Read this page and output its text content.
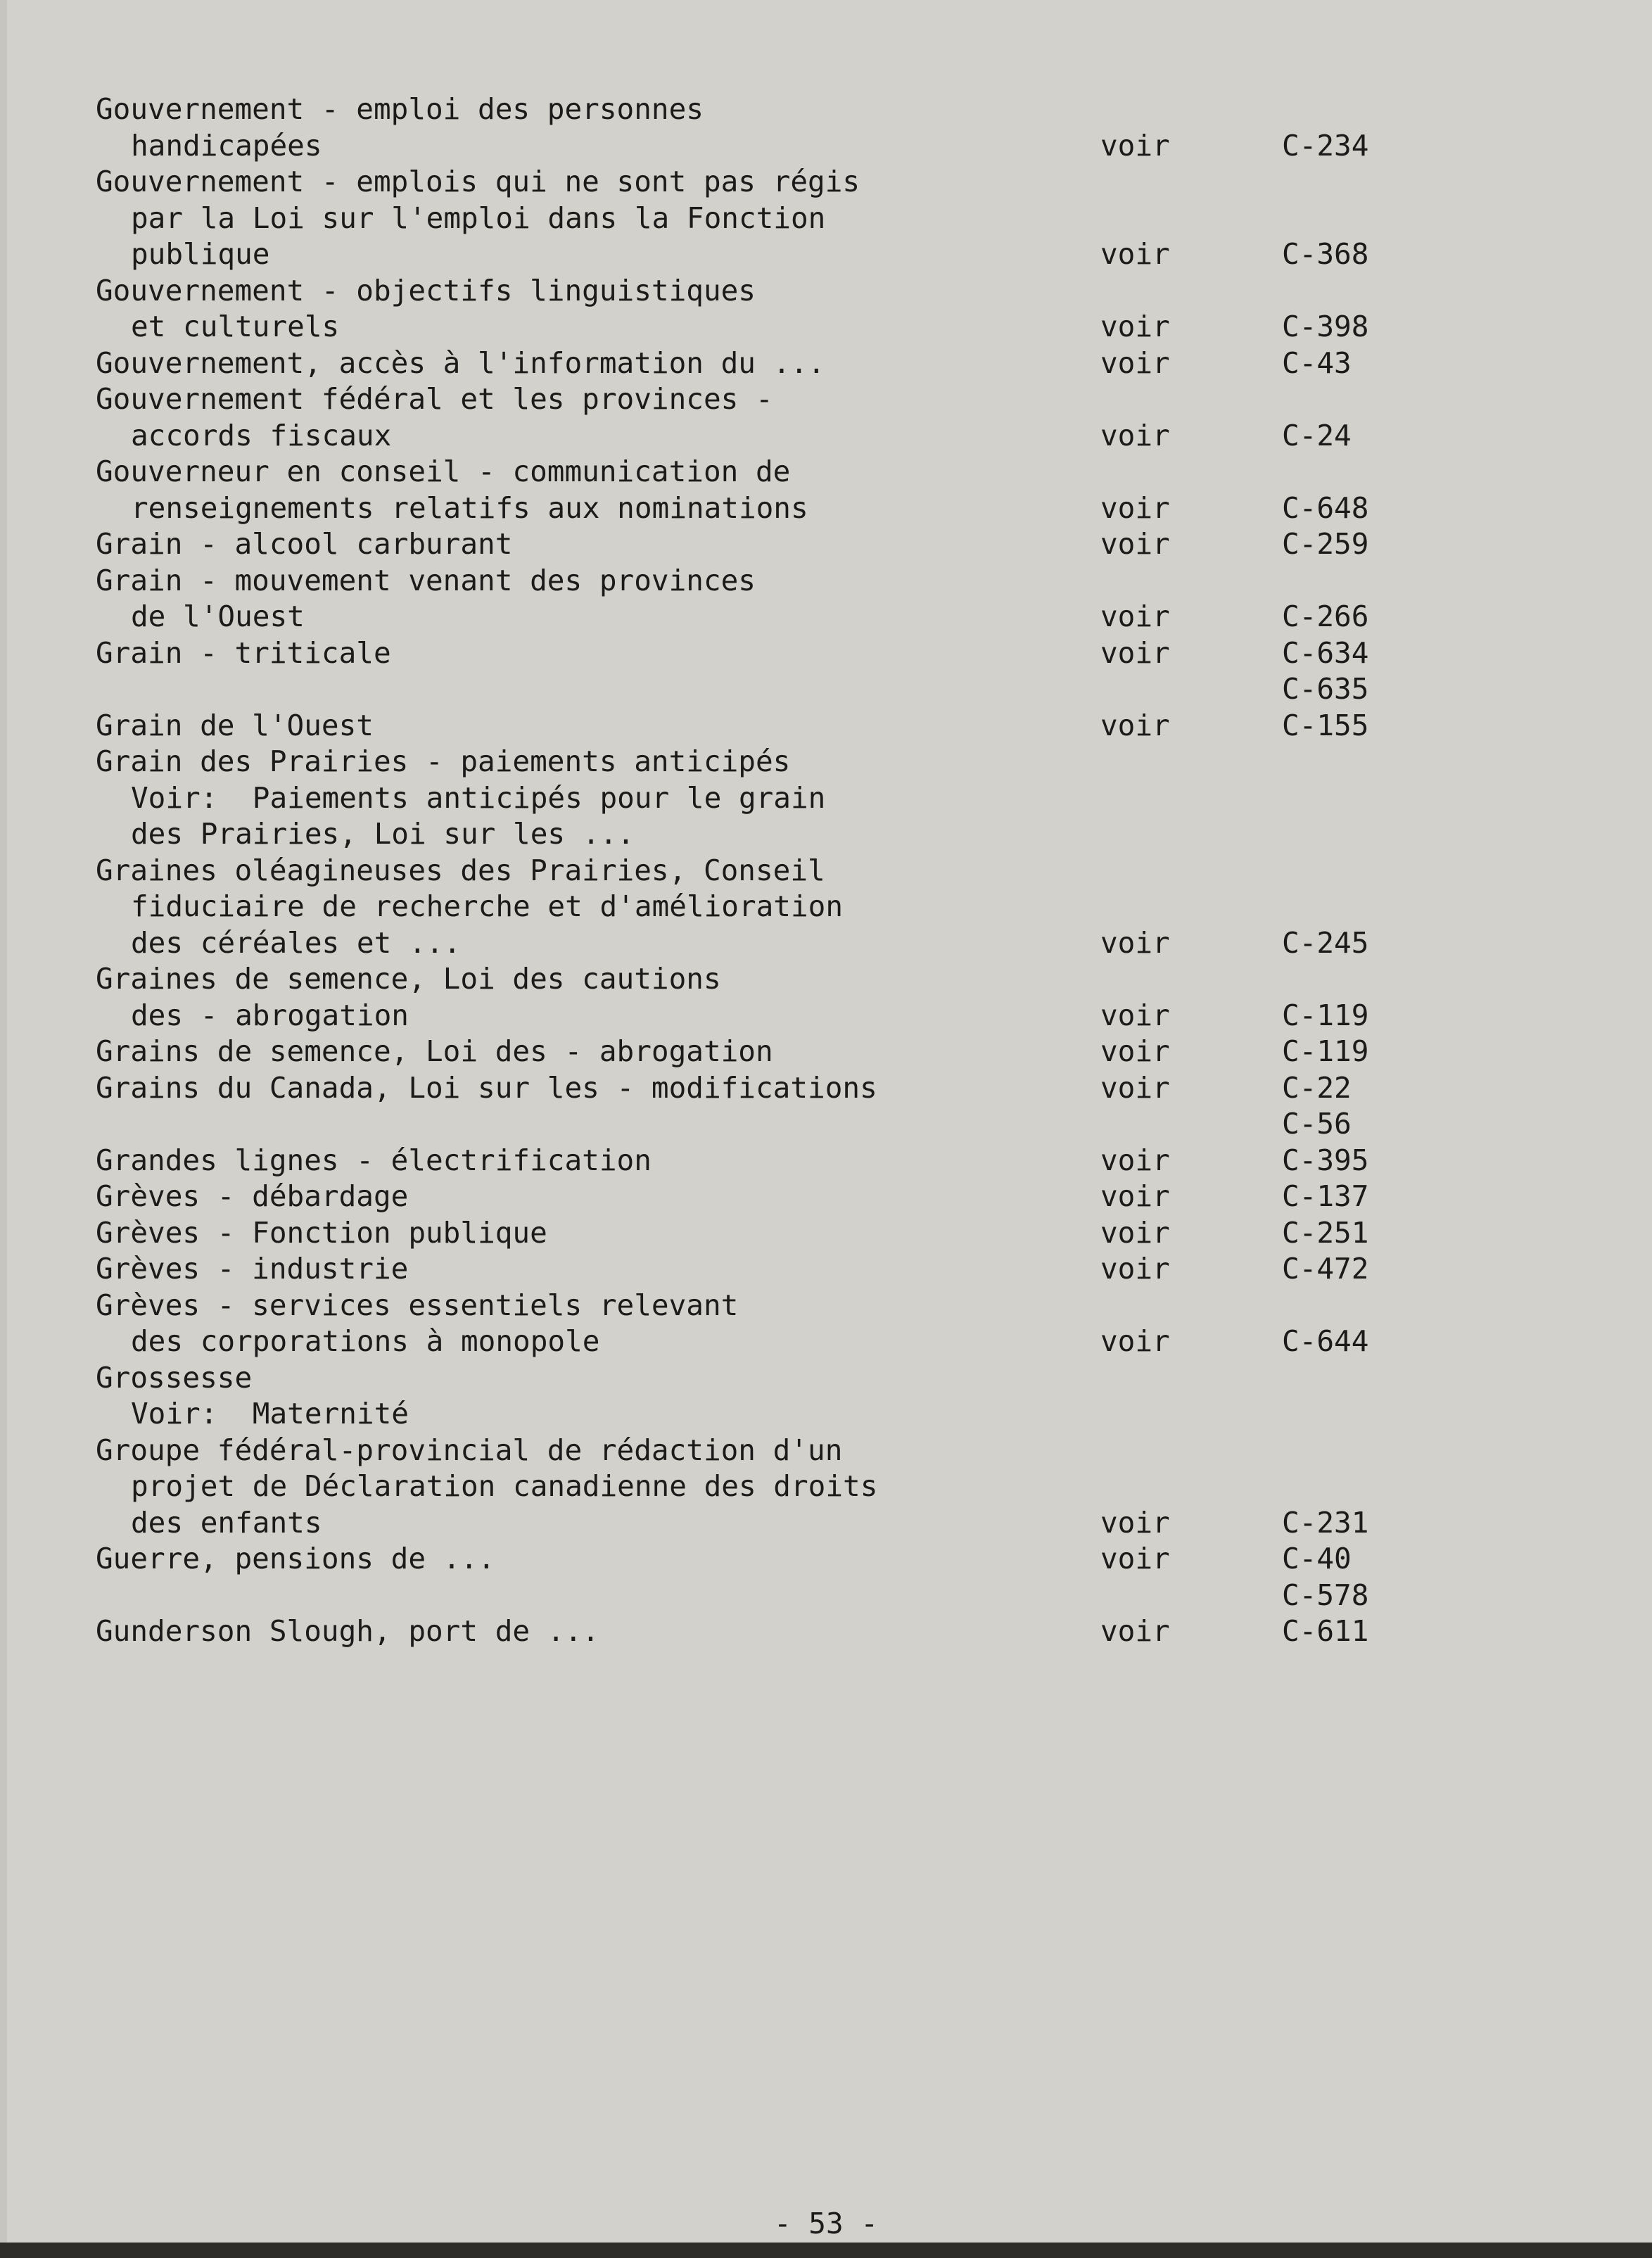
Gouvernement - emploi des personnes
handicapées	voir	C-234
Gouvernement - emplois qui ne sont pas régis
par la Loi sur l'emploi dans la Fonction
publique	voir	C-368
Gouvernement - objectifs linguistiques
et culturels	voir	C-398
Gouvernement, accès à l'information du ...	voir	C-43
Gouvernement fédéral et les provinces -
accords fiscaux	voir	C-24
Gouverneur en conseil - communication de
renseignements relatifs aux nominations	voir	C-648
Grain - alcool carburant	voir	C-259
Grain - mouvement venant des provinces
de l'Ouest	voir	C-266
Grain - triticale	voir	C-634
C-635
Grain de l'Ouest	voir	C-155
Grain des Prairies - paiements anticipés
Voir:  Paiements anticipés pour le grain
des Prairies, Loi sur les ...
Graines oléagineuses des Prairies, Conseil
fiduciaire de recherche et d'amélioration
des céréales et ...	voir	C-245
Graines de semence, Loi des cautions
des - abrogation	voir	C-119
Grains de semence, Loi des - abrogation	voir	C-119
Grains du Canada, Loi sur les - modifications	voir	C-22
C-56
Grandes lignes - électrification	voir	C-395
Grèves - débardage	voir	C-137
Grèves - Fonction publique	voir	C-251
Grèves - industrie	voir	C-472
Grèves - services essentiels relevant
des corporations à monopole	voir	C-644
Grossesse
Voir:  Maternité
Groupe fédéral-provincial de rédaction d'un
projet de Déclaration canadienne des droits
des enfants	voir	C-231
Guerre, pensions de ...	voir	C-40
C-578
Gunderson Slough, port de ...	voir	C-611
- 53 -
